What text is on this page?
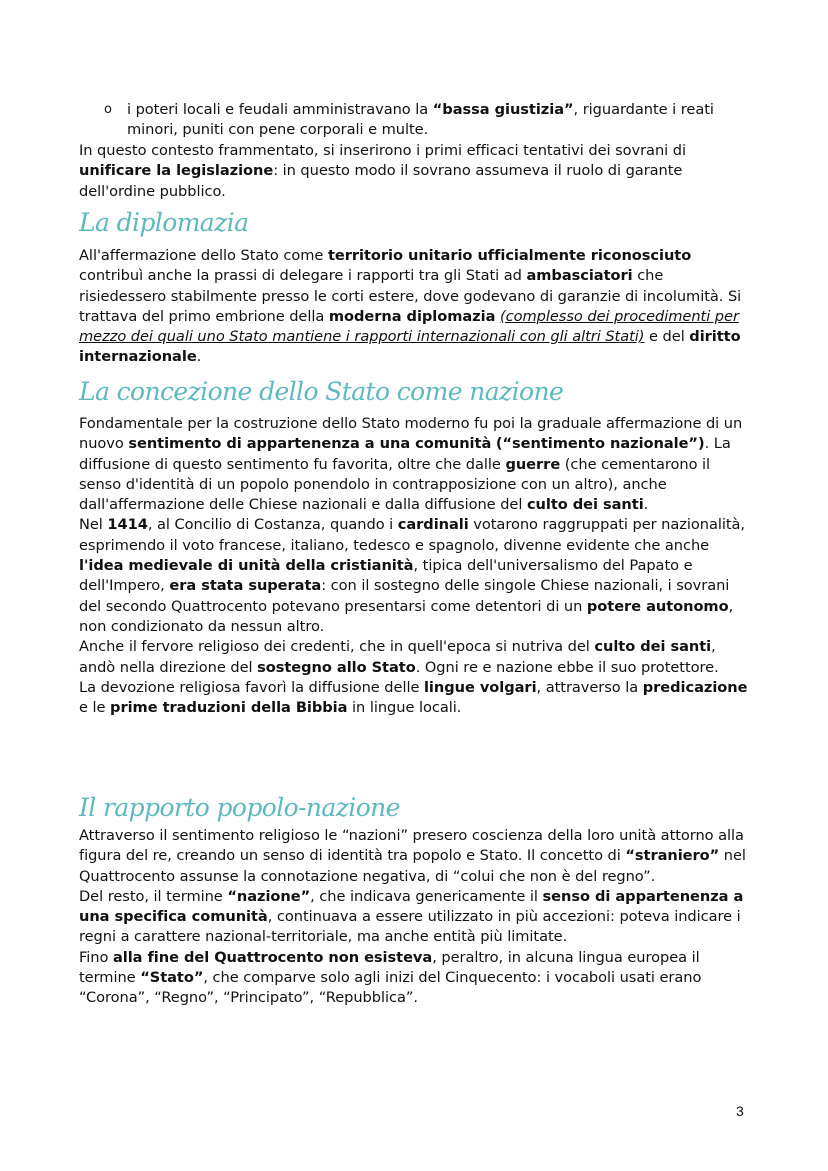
o i poteri locali e feudali amministravano la “bassa giustizia”, riguardante i reati minori, puniti con pene corporali e multe.

In questo contesto frammentato, si inserirono i primi efficaci tentativi dei sovrani di unificare la legislazione: in questo modo il sovrano assumeva il ruolo di garante dell'ordine pubblico.

La diplomazia

All'affermazione dello Stato come territorio unitario ufficialmente riconosciuto contribuì anche la prassi di delegare i rapporti tra gli Stati ad ambasciatori che risiedessero stabilmente presso le corti estere, dove godevano di garanzie di incolumità. Si trattava del primo embrione della moderna diplomazia (complesso dei procedimenti per mezzo dei quali uno Stato mantiene i rapporti internazionali con gli altri Stati) e del diritto internazionale.

La concezione dello Stato come nazione

Fondamentale per la costruzione dello Stato moderno fu poi la graduale affermazione di un nuovo sentimento di appartenenza a una comunità (“sentimento nazionale”). La diffusione di questo sentimento fu favorita, oltre che dalle guerre (che cementarono il senso d'identità di un popolo ponendolo in contrapposizione con un altro), anche dall'affermazione delle Chiese nazionali e dalla diffusione del culto dei santi.

Nel 1414, al Concilio di Costanza, quando i cardinali votarono raggruppati per nazionalità, esprimendo il voto francese, italiano, tedesco e spagnolo, divenne evidente che anche l'idea medievale di unità della cristianità, tipica dell'universalismo del Papato e dell'Impero, era stata superata: con il sostegno delle singole Chiese nazionali, i sovrani del secondo Quattrocento potevano presentarsi come detentori di un potere autonomo, non condizionato da nessun altro.

Anche il fervore religioso dei credenti, che in quell'epoca si nutriva del culto dei santi, andò nella direzione del sostegno allo Stato. Ogni re e nazione ebbe il suo protettore.

La devozione religiosa favorì la diffusione delle lingue volgari, attraverso la predicazione e le prime traduzioni della Bibbia in lingue locali.

Il rapporto popolo-nazione

Attraverso il sentimento religioso le “nazioni” presero coscienza della loro unità attorno alla figura del re, creando un senso di identità tra popolo e Stato. Il concetto di “straniero” nel Quattrocento assunse la connotazione negativa, di “colui che non è del regno”.

Del resto, il termine “nazione”, che indicava genericamente il senso di appartenenza a una specifica comunità, continuava a essere utilizzato in più accezioni: poteva indicare i regni a carattere nazional-territoriale, ma anche entità più limitate.

Fino alla fine del Quattrocento non esisteva, peraltro, in alcuna lingua europea il termine “Stato”, che comparve solo agli inizi del Cinquecento: i vocaboli usati erano “Corona”, “Regno”, “Principato”, “Repubblica”.

3
